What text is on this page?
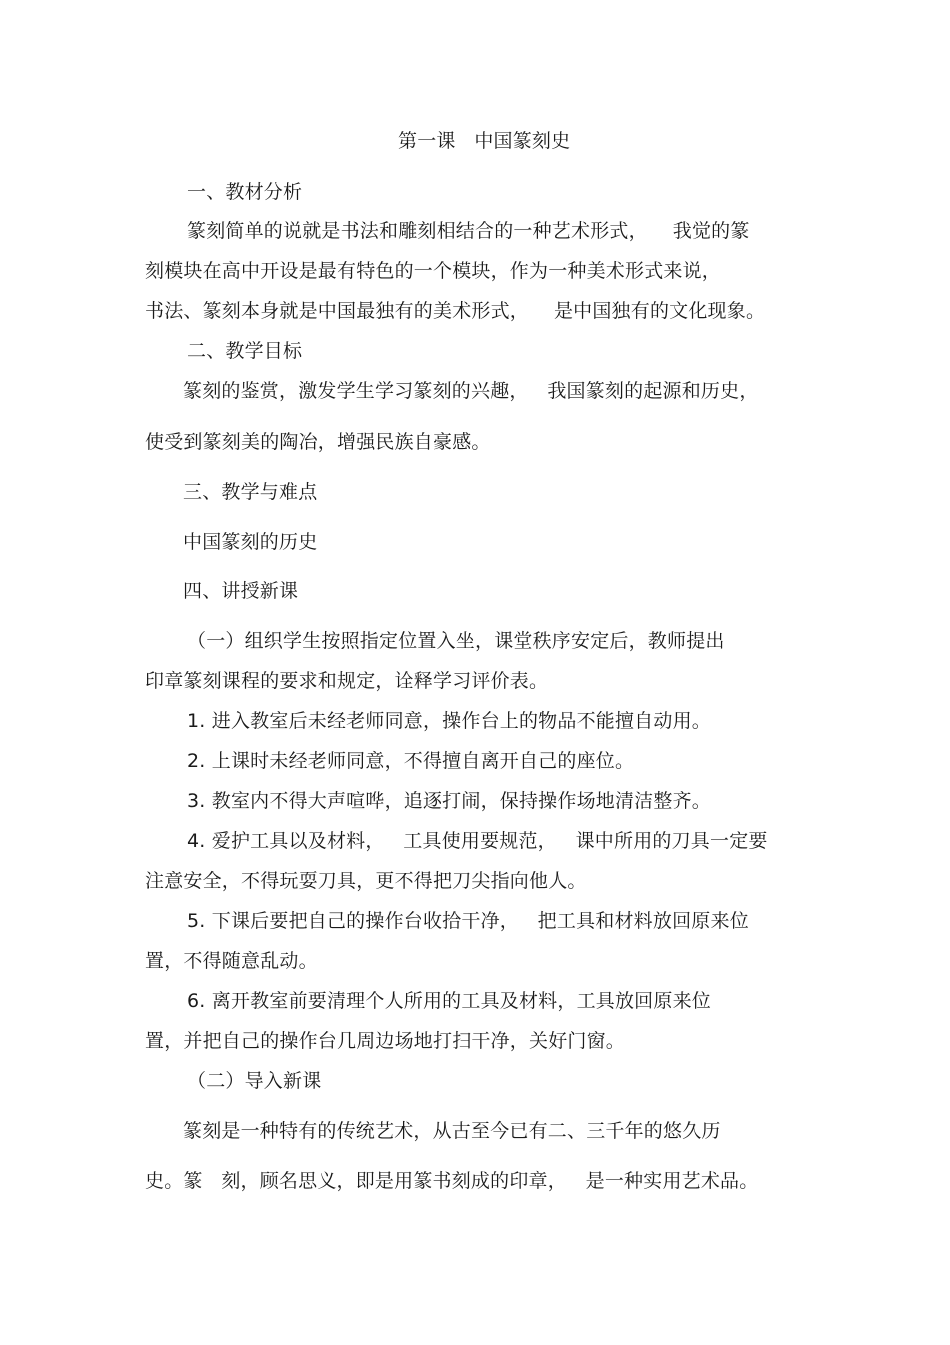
第一课   中国篆刻史
一、教材分析
篆刻简单的说就是书法和雕刻相结合的一种艺术形式，    我觉的篆
刻模块在高中开设是最有特色的一个模块，作为一种美术形式来说，
书法、篆刻本身就是中国最独有的美术形式，    是中国独有的文化现象。
二、教学目标
篆刻的鉴赏，激发学生学习篆刻的兴趣，   我国篆刻的起源和历史，
使受到篆刻美的陶冶，增强民族自豪感。
三、教学与难点
中国篆刻的历史
四、讲授新课
（一）组织学生按照指定位置入坐，课堂秩序安定后，教师提出
印章篆刻课程的要求和规定，诠释学习评价表。
1. 进入教室后未经老师同意，操作台上的物品不能擅自动用。
2. 上课时未经老师同意，不得擅自离开自己的座位。
3. 教室内不得大声喧哗，追逐打闹，保持操作场地清洁整齐。
4. 爱护工具以及材料，   工具使用要规范，   课中所用的刀具一定要
注意安全，不得玩耍刀具，更不得把刀尖指向他人。
5. 下课后要把自己的操作台收拾干净，   把工具和材料放回原来位
置，不得随意乱动。
6. 离开教室前要清理个人所用的工具及材料，工具放回原来位
置，并把自己的操作台几周边场地打扫干净，关好门窗。
（二）导入新课
篆刻是一种特有的传统艺术，从古至今已有二、三千年的悠久历
史。篆   刻，顾名思义，即是用篆书刻成的印章，   是一种实用艺术品。
